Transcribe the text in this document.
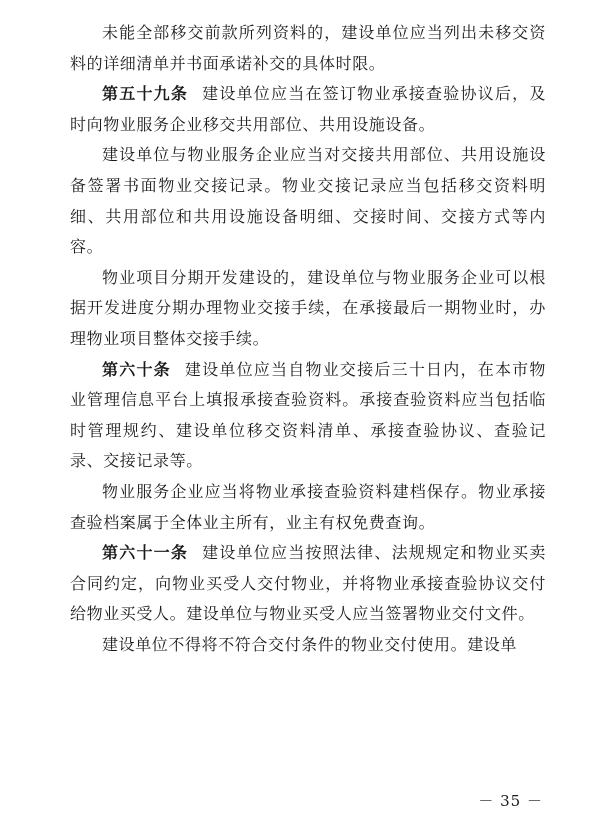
未能全部移交前款所列资料的，建设单位应当列出未移交资料的详细清单并书面承诺补交的具体时限。

第五十九条 建设单位应当在签订物业承接查验协议后，及时向物业服务企业移交共用部位、共用设施设备。

建设单位与物业服务企业应当对交接共用部位、共用设施设备签署书面物业交接记录。物业交接记录应当包括移交资料明细、共用部位和共用设施设备明细、交接时间、交接方式等内容。

物业项目分期开发建设的，建设单位与物业服务企业可以根据开发进度分期办理物业交接手续，在承接最后一期物业时，办理物业项目整体交接手续。

第六十条 建设单位应当自物业交接后三十日内，在本市物业管理信息平台上填报承接查验资料。承接查验资料应当包括临时管理规约、建设单位移交资料清单、承接查验协议、查验记录、交接记录等。

物业服务企业应当将物业承接查验资料建档保存。物业承接查验档案属于全体业主所有，业主有权免费查询。

第六十一条 建设单位应当按照法律、法规规定和物业买卖合同约定，向物业买受人交付物业，并将物业承接查验协议交付给物业买受人。建设单位与物业买受人应当签署物业交付文件。

建设单位不得将不符合交付条件的物业交付使用。建设单

－ 35 －
